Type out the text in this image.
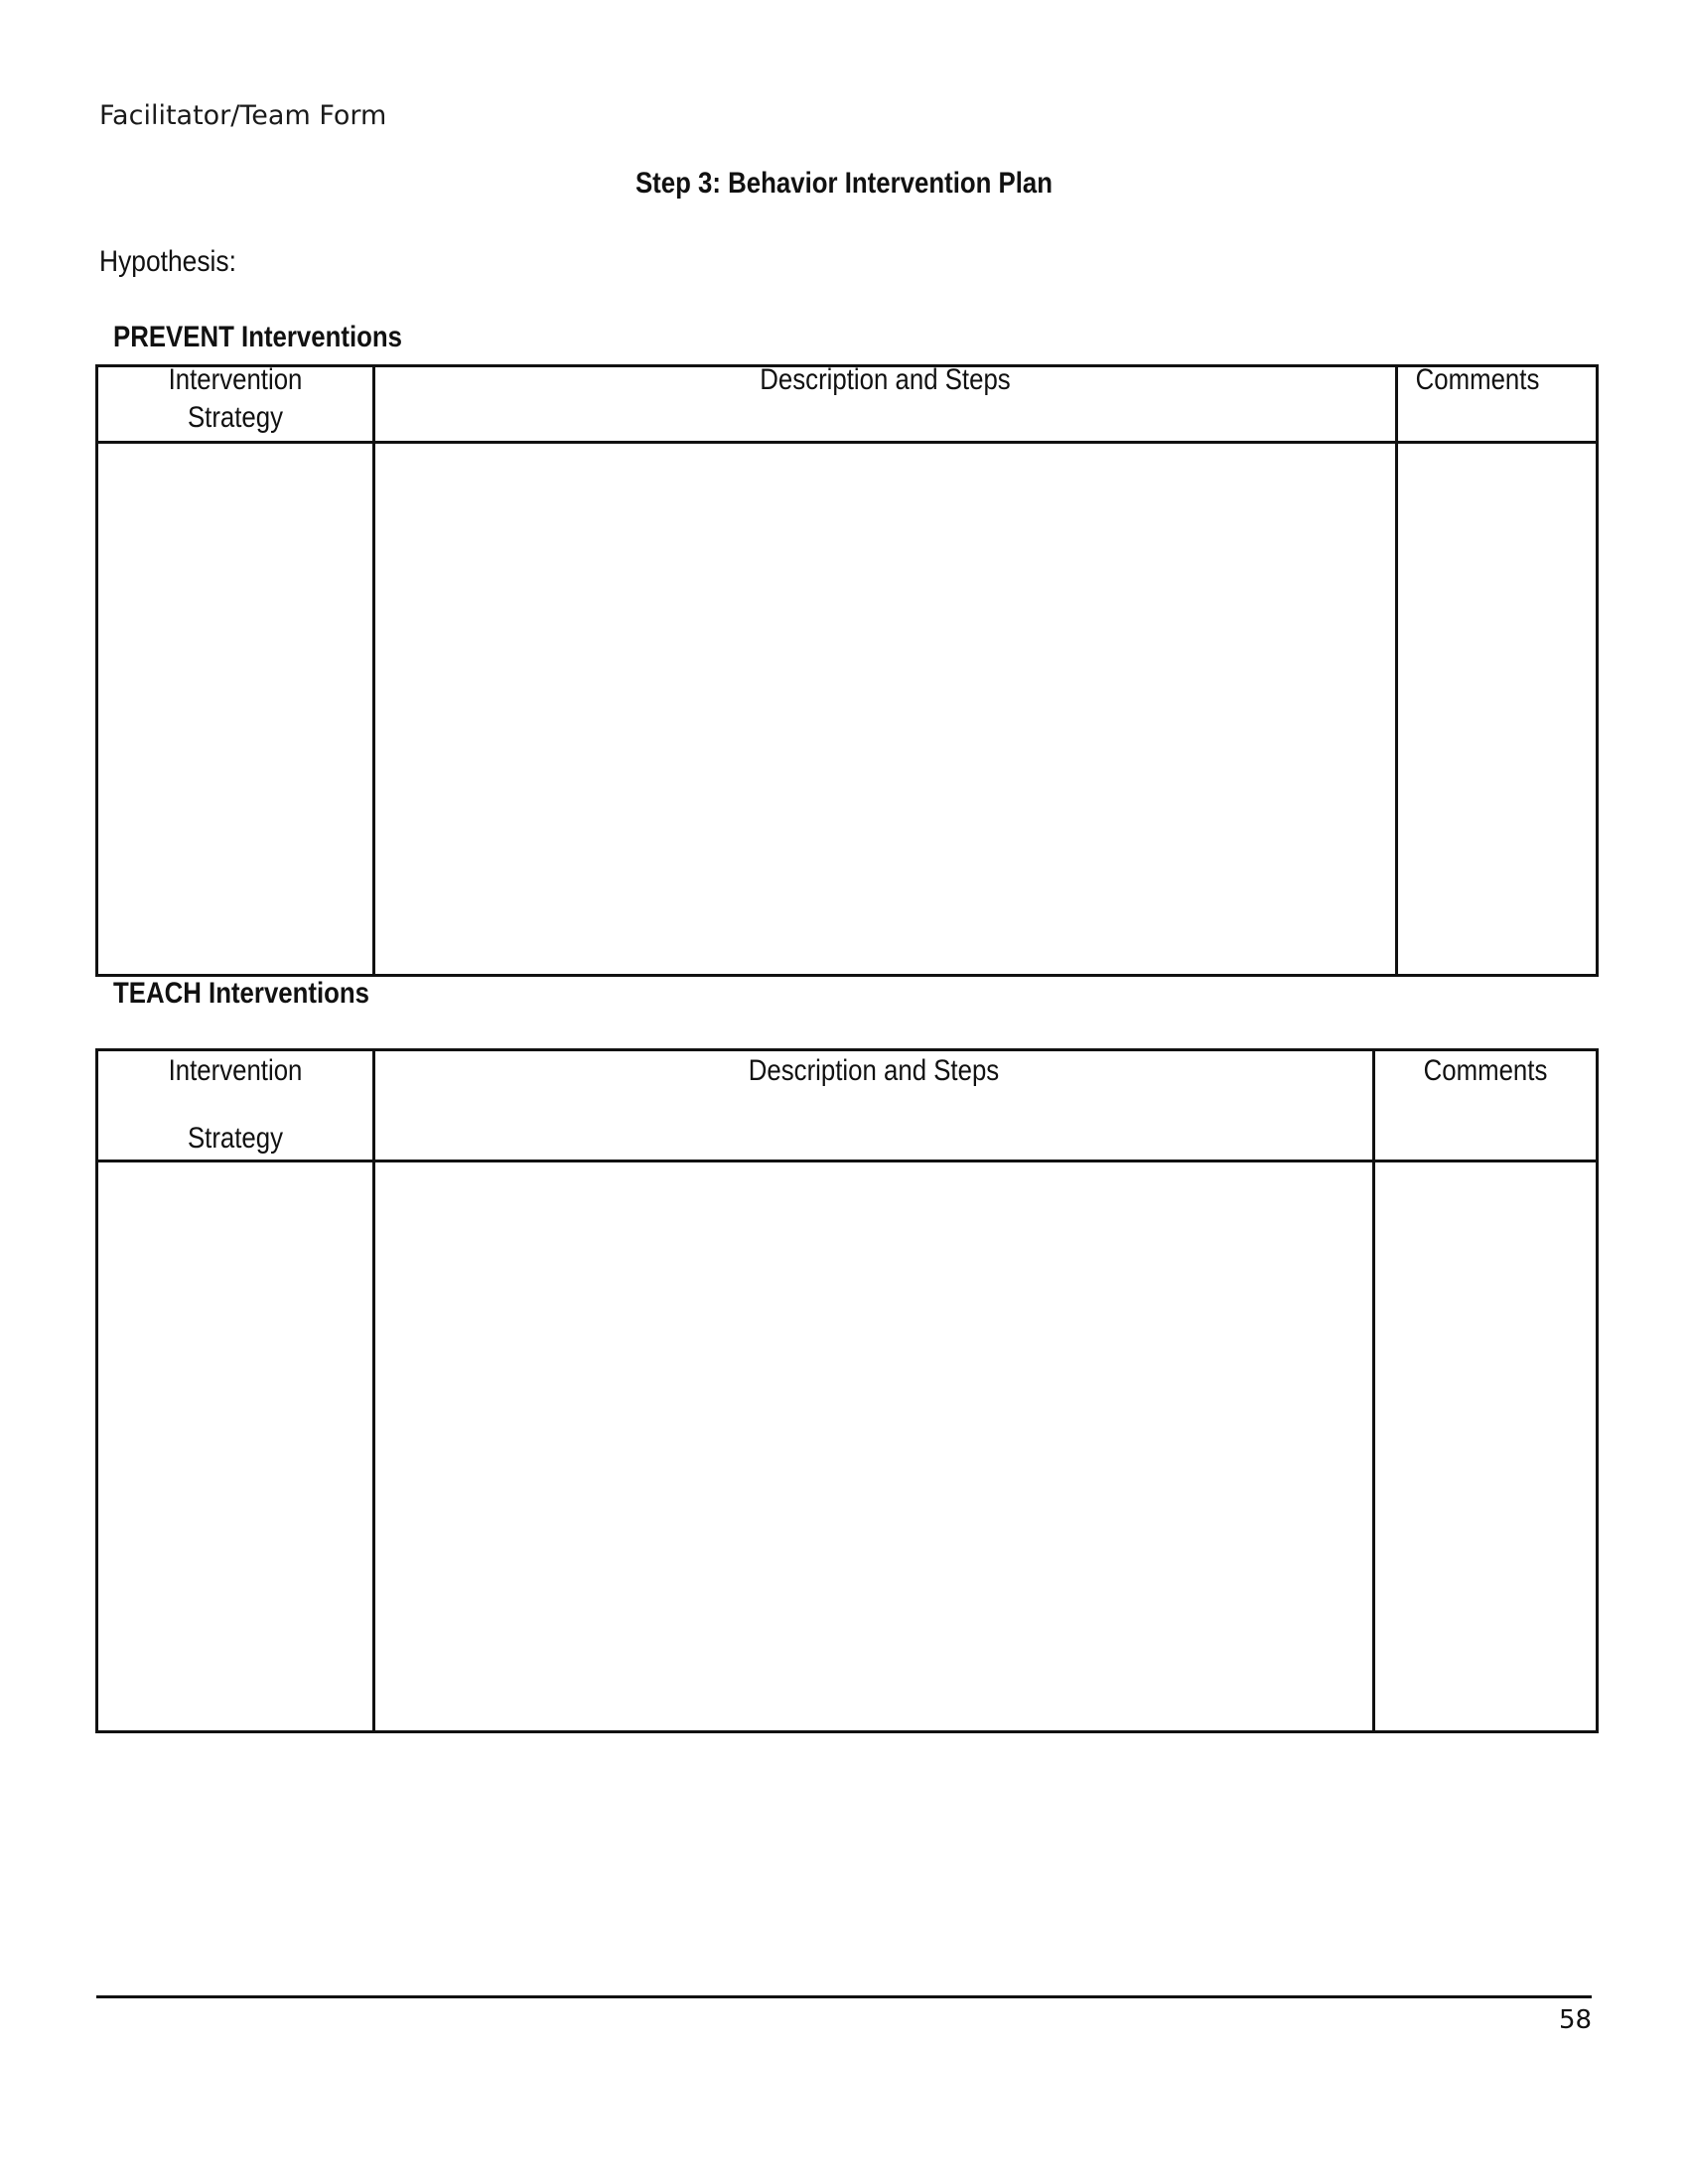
Facilitator/Team Form
Step 3: Behavior Intervention Plan
Hypothesis:
PREVENT Interventions
Intervention
Strategy
Description and Steps	Comments
TEACH Interventions
Intervention
Strategy
Description and Steps	Comments
58
